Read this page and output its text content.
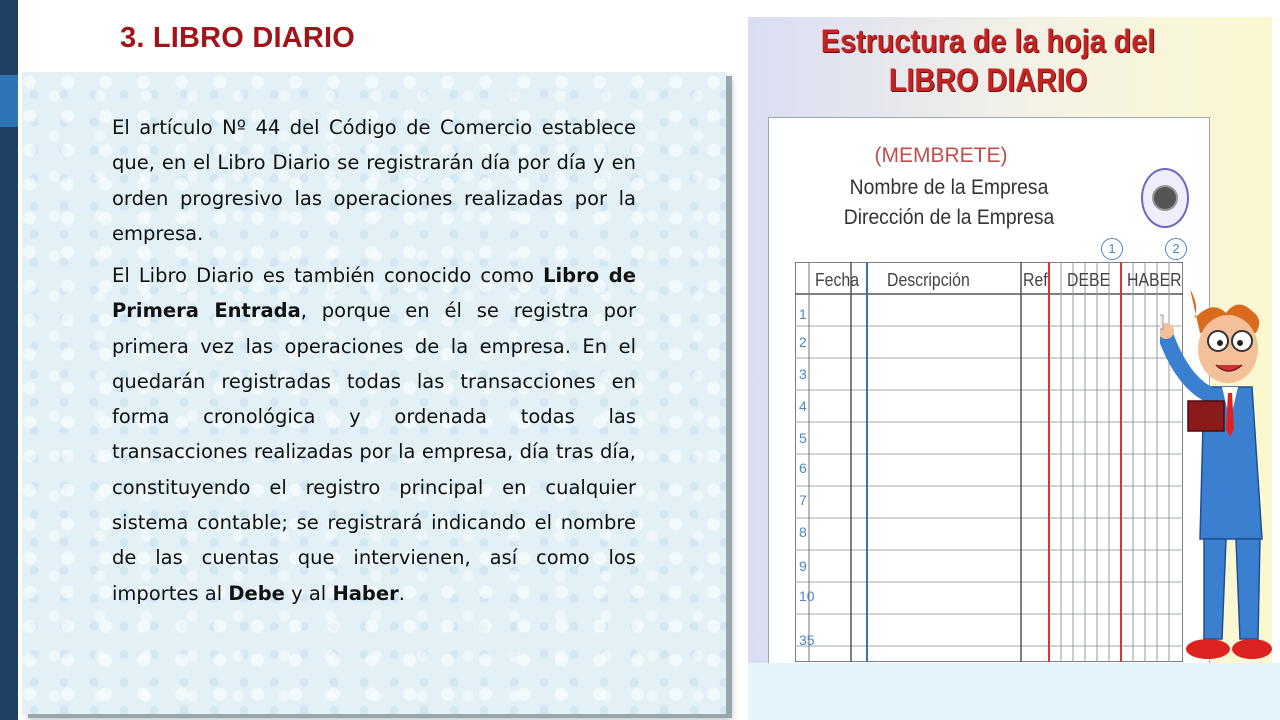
3. LIBRO DIARIO

El artículo Nº 44 del Código de Comercio establece que, en el Libro Diario se registrarán día por día y en orden progresivo las operaciones realizadas por la empresa.

El Libro Diario es también conocido como Libro de Primera Entrada, porque en él se registra por primera vez las operaciones de la empresa. En el quedarán registradas todas las transacciones en forma cronológica y ordenada todas las transacciones realizadas por la empresa, día tras día, constituyendo el registro principal en cualquier sistema contable; se registrará indicando el nombre de las cuentas que intervienen, así como los importes al Debe y al Haber.

Estructura de la hoja del

LIBRO DIARIO

(MEMBRETE)

Nombre de la Empresa

Dirección de la Empresa

1	2
Fecha Descripción	Ref DEBE HABER
1
2
3
4
5
6
7
8
9
10
35
